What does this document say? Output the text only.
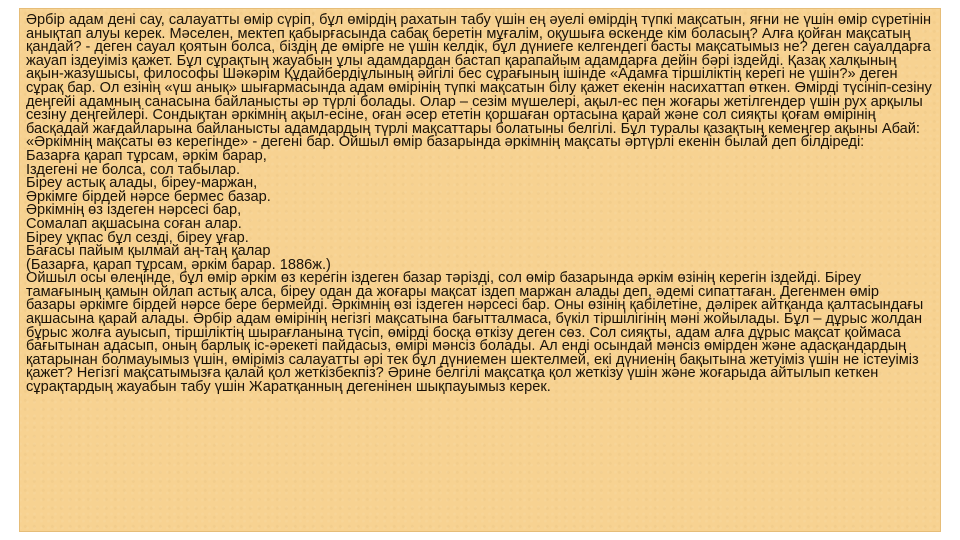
Әрбір адам дені сау, салауатты өмір сүріп, бұл өмірдің рахатын табу үшін ең әуелі өмірдің түпкі мақсатын, яғни не үшін өмір сүретінін анықтап алуы керек. Мәселен, мектеп қабырғасында сабақ беретін мұғалім, оқушыға өскенде кім боласың? Алға қойған мақсатың қандай? - деген сауал қоятын болса, біздің де өмірге не үшін келдік, бұл дүниеге келгендегі басты мақсатымыз не? деген сауалдарға жауап іздеуіміз қажет. Бұл сұрақтың жауабын ұлы адамдардан бастап қарапайым адамдарға дейін бәрі іздейді. Қазақ халқының ақын-жазушысы, философы Шәкәрім Құдайбердіұлының әйгілі бес сұрағының ішінде «Адамға тіршіліктің керегі не үшін?» деген сұрақ бар. Ол езінің «үш анық» шығармасында адам өмірінің түпкі мақсатын білу қажет екенін насихаттап өткен. Өмірді түсініп-сезіну деңгейі адамның санасына байланысты әр түрлі болады. Олар – сезім мүшелері, ақыл-ес пен жоғары жетілгендер үшін рух арқылы сезіну деңгейлері. Сондықтан әркімнің ақыл-есіне, оған әсер ететін қоршаған ортасына қарай және сол сияқты қоғам өмірінің басқадай жағдайларына байланысты адамдардың түрлі мақсаттары болатыны белгілі. Бұл туралы қазақтың кемеңгер ақыны Абай: «Әркімнің мақсаты өз керегінде» - дегені бар. Ойшыл өмір базарында әркімнің мақсаты әртүрлі екенін былай деп білдіреді:

Базарға қарап тұрсам, әркім барар,

Іздегені не болса, сол табылар.

Біреу астық алады, біреу-маржан,

Әркімге бірдей нәрсе бермес базар.

Әркімнің өз іздеген нәрсесі бар,

Сомалап ақшасына соған алар.

Біреу ұқпас бұл сезді, біреу ұғар.

Бағасы пайым қылмай аң-таң қалар

(Базарға, қарап тұрсам, әркім барар. 1886ж.)

Ойшыл осы өлеңінде, бұл өмір әркім өз керегін іздеген базар тәрізді, сол өмір базарында әркім өзінің керегін іздейді. Біреу тамағының қамын ойлап астық алса, біреу одан да жоғары мақсат іздеп маржан алады деп, әдемі сипаттаған. Дегенмен өмір базары әркімге бірдей нәрсе бере бермейді. Әркімнің өзі іздеген нәрсесі бар. Оны өзінің қабілетіне, дәлірек айтқанда қалтасындағы ақшасына қарай алады. Әрбір адам өмірінің негізгі мақсатына бағытталмаса, бүкіл тіршілігінің мәні жойылады. Бұл – дұрыс жолдан бұрыс жолға ауысып, тіршіліктің шырағланына түсіп, өмірді босқа өткізу деген сөз. Сол сияқты, адам алға дұрыс мақсат қоймаса бағытынан адасып, оның барлық іс-әрекеті пайдасыз, өмірі мәнсіз болады. Ал енді осындай мәнсіз өмірден және адасқандардың қатарынан болмауымыз үшін, өміріміз салауатты әрі тек бұл дүниемен шектелмей, екі дүниенің бақытына жетуіміз үшін не істеуіміз қажет? Негізгі мақсатымызға қалай қол жеткізбекпіз? Әрине белгілі мақсатқа қол жеткізу үшін және жоғарыда айтылып кеткен сұрақтардың жауабын табу үшін Жаратқанның дегенінен шықпауымыз керек.
